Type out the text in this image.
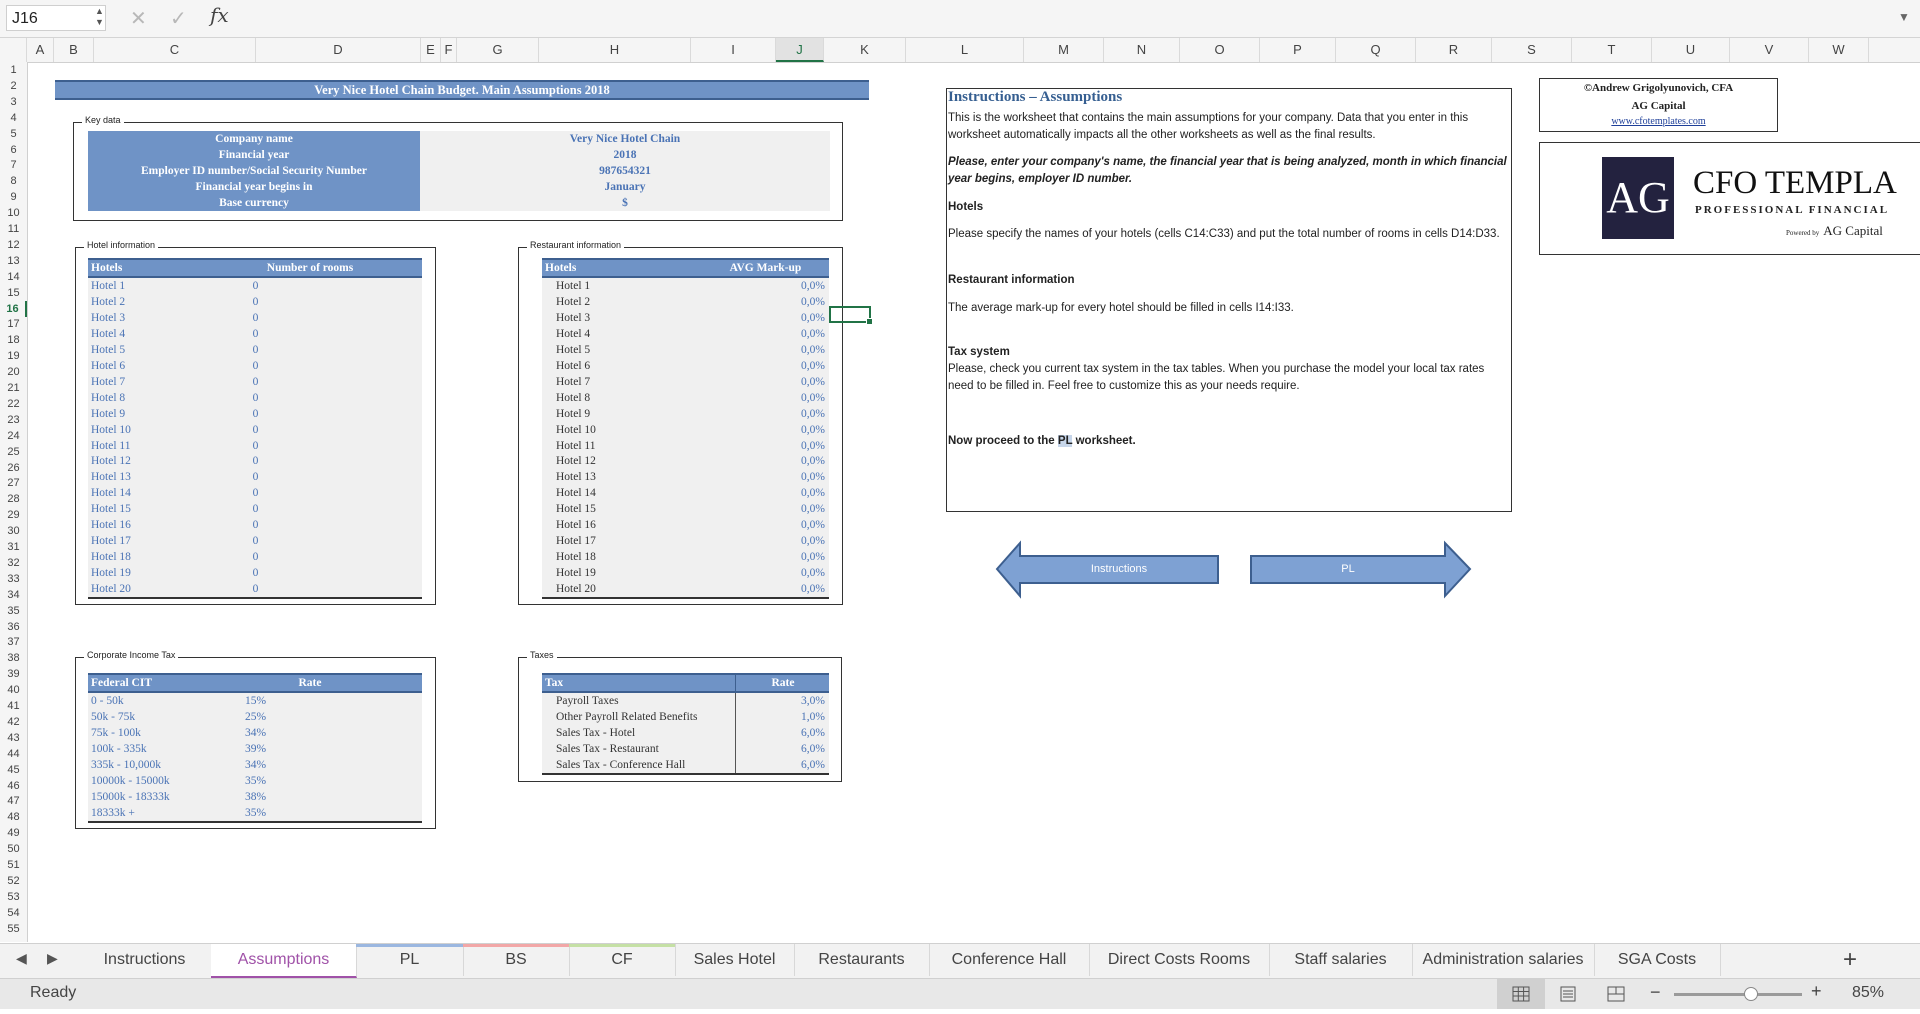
J16	▲
▼ ✕ ✓ fx	▼
A	B	C	D	E F	G	H	I	J	K	L	M	N	O	P	Q	R	S	T	U	V	W
1
2
3
4
5
6
7
8
9
10
11
12
13
14
15
16
17
18
19
20
21
22
23
24
25
26
27
28
29
30
31
32
33
34
35
36
37
38
39
40
41
42
43
44
45
46
47
48
49
50
51
52
53
54
55
Very Nice Hotel Chain Budget. Main Assumptions 2018
Key data
Company name	Very Nice Hotel Chain
Financial year	2018
Employer ID number/Social Security Number	987654321
Financial year begins in	January
Base currency	$
Hotel information
Hotels	Number of rooms
Hotel 1	0
Hotel 2	0
Hotel 3	0
Hotel 4	0
Hotel 5	0
Hotel 6	0
Hotel 7	0
Hotel 8	0
Hotel 9	0
Hotel 10	0
Hotel 11	0
Hotel 12	0
Hotel 13	0
Hotel 14	0
Hotel 15	0
Hotel 16	0
Hotel 17	0
Hotel 18	0
Hotel 19	0
Hotel 20	0
Restaurant information
Hotels	AVG Mark-up
Hotel 1	0,0%
Hotel 2	0,0%
Hotel 3	0,0%
Hotel 4	0,0%
Hotel 5	0,0%
Hotel 6	0,0%
Hotel 7	0,0%
Hotel 8	0,0%
Hotel 9	0,0%
Hotel 10	0,0%
Hotel 11	0,0%
Hotel 12	0,0%
Hotel 13	0,0%
Hotel 14	0,0%
Hotel 15	0,0%
Hotel 16	0,0%
Hotel 17	0,0%
Hotel 18	0,0%
Hotel 19	0,0%
Hotel 20	0,0%
Corporate Income Tax
Federal CIT	Rate
0 - 50k	15%
50k - 75k	25%
75k - 100k	34%
100k - 335k	39%
335k - 10,000k	34%
10000k - 15000k	35%
15000k - 18333k	38%
18333k +	35%
Taxes
Tax	Rate
Payroll Taxes	3,0%
Other Payroll Related Benefits	1,0%
Sales Tax - Hotel	6,0%
Sales Tax - Restaurant	6,0%
Sales Tax - Conference Hall	6,0%
Instructions – Assumptions
This is the worksheet that contains the main assumptions for your company. Data that you enter in this worksheet automatically impacts all the other worksheets as well as the final results.
Please, enter your company's name, the financial year that is being analyzed, month in which financial year begins, employer ID number.
Hotels
Please specify the names of your hotels (cells C14:C33) and put the total number of rooms in cells D14:D33.
Restaurant information
The average mark-up for every hotel should be filled in cells I14:I33.
Tax system
Please, check you current tax system in the tax tables. When you purchase the model your local tax rates need to be filled in. Feel free to customize this as your needs require.
Now proceed to the PL worksheet.
©Andrew Grigolyunovich, CFA
AG Capital
www.cfotemplates.com
AG CFO TEMPLA
PROFESSIONAL FINANCIAL
Powered by AG Capital
Instructions	PL
◀ ▶	Instructions	Assumptions	PL	BS	CF	Sales Hotel	Restaurants	Conference Hall	Direct Costs Rooms	Staff salaries	Administration salaries	SGA Costs	+
Ready	−	+ 85%
